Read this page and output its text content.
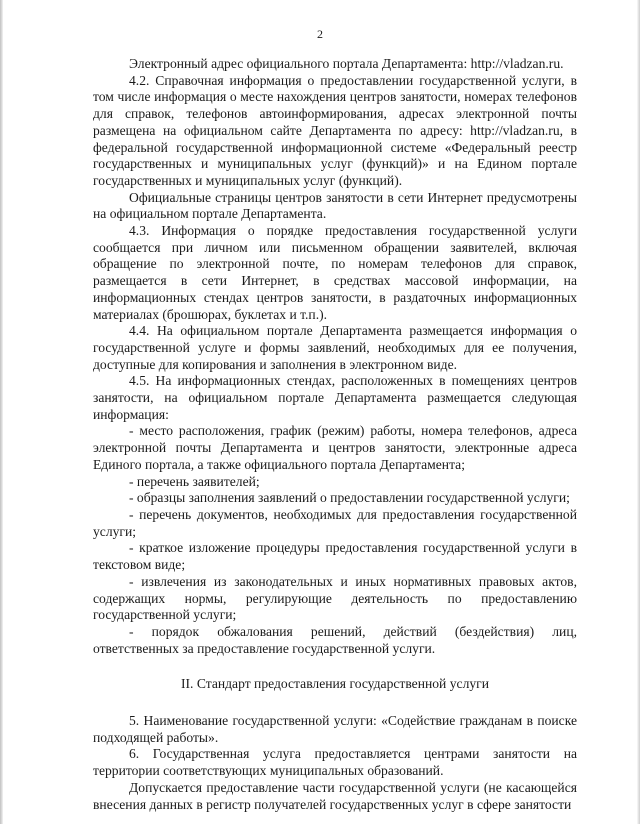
2

Электронный адрес официального портала Департамента: http://vladzan.ru.

4.2. Справочная информация о предоставлении государственной услуги, в том числе информация о месте нахождения центров занятости, номерах телефонов для справок, телефонов автоинформирования, адресах электронной почты размещена на официальном сайте Департамента по адресу: http://vladzan.ru, в федеральной государственной информационной системе «Федеральный реестр государственных и муниципальных услуг (функций)» и на Едином портале государственных и муниципальных услуг (функций).

Официальные страницы центров занятости в сети Интернет предусмотрены на официальном портале Департамента.

4.3. Информация о порядке предоставления государственной услуги сообщается при личном или письменном обращении заявителей, включая обращение по электронной почте, по номерам телефонов для справок, размещается в сети Интернет, в средствах массовой информации, на информационных стендах центров занятости, в раздаточных информационных материалах (брошюрах, буклетах и т.п.).

4.4. На официальном портале Департамента размещается информация о государственной услуге и формы заявлений, необходимых для ее получения, доступные для копирования и заполнения в электронном виде.

4.5. На информационных стендах, расположенных в помещениях центров занятости, на официальном портале Департамента размещается следующая информация:

- место расположения, график (режим) работы, номера телефонов, адреса электронной почты Департамента и центров занятости, электронные адреса Единого портала, а также официального портала Департамента;

- перечень заявителей;

- образцы заполнения заявлений о предоставлении государственной услуги;

- перечень документов, необходимых для предоставления государственной услуги;

- краткое изложение процедуры предоставления государственной услуги в текстовом виде;

- извлечения из законодательных и иных нормативных правовых актов, содержащих нормы, регулирующие деятельность по предоставлению государственной услуги;

- порядок обжалования решений, действий (бездействия) лиц, ответственных за предоставление государственной услуги.

II. Стандарт предоставления государственной услуги

5. Наименование государственной услуги: «Содействие гражданам в поиске подходящей работы».

6. Государственная услуга предоставляется центрами занятости на территории соответствующих муниципальных образований.

Допускается предоставление части государственной услуги (не касающейся внесения данных в регистр получателей государственных услуг в сфере занятости
